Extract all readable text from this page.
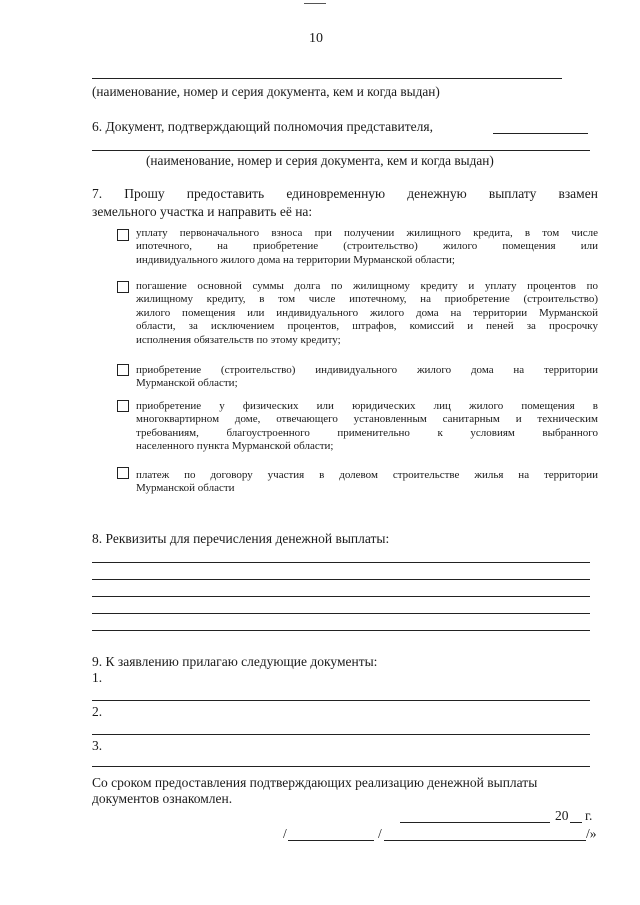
10
(наименование, номер и серия документа, кем и когда выдан)
6. Документ, подтверждающий полномочия представителя,
(наименование, номер и серия документа, кем и когда выдан)
7. Прошу предоставить единовременную денежную выплату взамен
земельного участка и направить её на:
уплату первоначального взноса при получении жилищного кредита, в том числе
ипотечного, на приобретение (строительство) жилого помещения или
индивидуального жилого дома на территории Мурманской области;
погашение основной суммы долга по жилищному кредиту и уплату процентов по
жилищному кредиту, в том числе ипотечному, на приобретение (строительство)
жилого помещения или индивидуального жилого дома на территории Мурманской
области, за исключением процентов, штрафов, комиссий и пеней за просрочку
исполнения обязательств по этому кредиту;
приобретение (строительство) индивидуального жилого дома на территории
Мурманской области;
приобретение у физических или юридических лиц жилого помещения в
многоквартирном доме, отвечающего установленным санитарным и техническим
требованиям, благоустроенного применительно к условиям выбранного
населенного пункта Мурманской области;
платеж по договору участия в долевом строительстве жилья на территории
Мурманской области
8. Реквизиты для перечисления денежной выплаты:
9. К заявлению прилагаю следующие документы:
1.
2.
3.
Со сроком предоставления подтверждающих реализацию денежной выплаты
документов ознакомлен.
20 г.
/	/	/»
